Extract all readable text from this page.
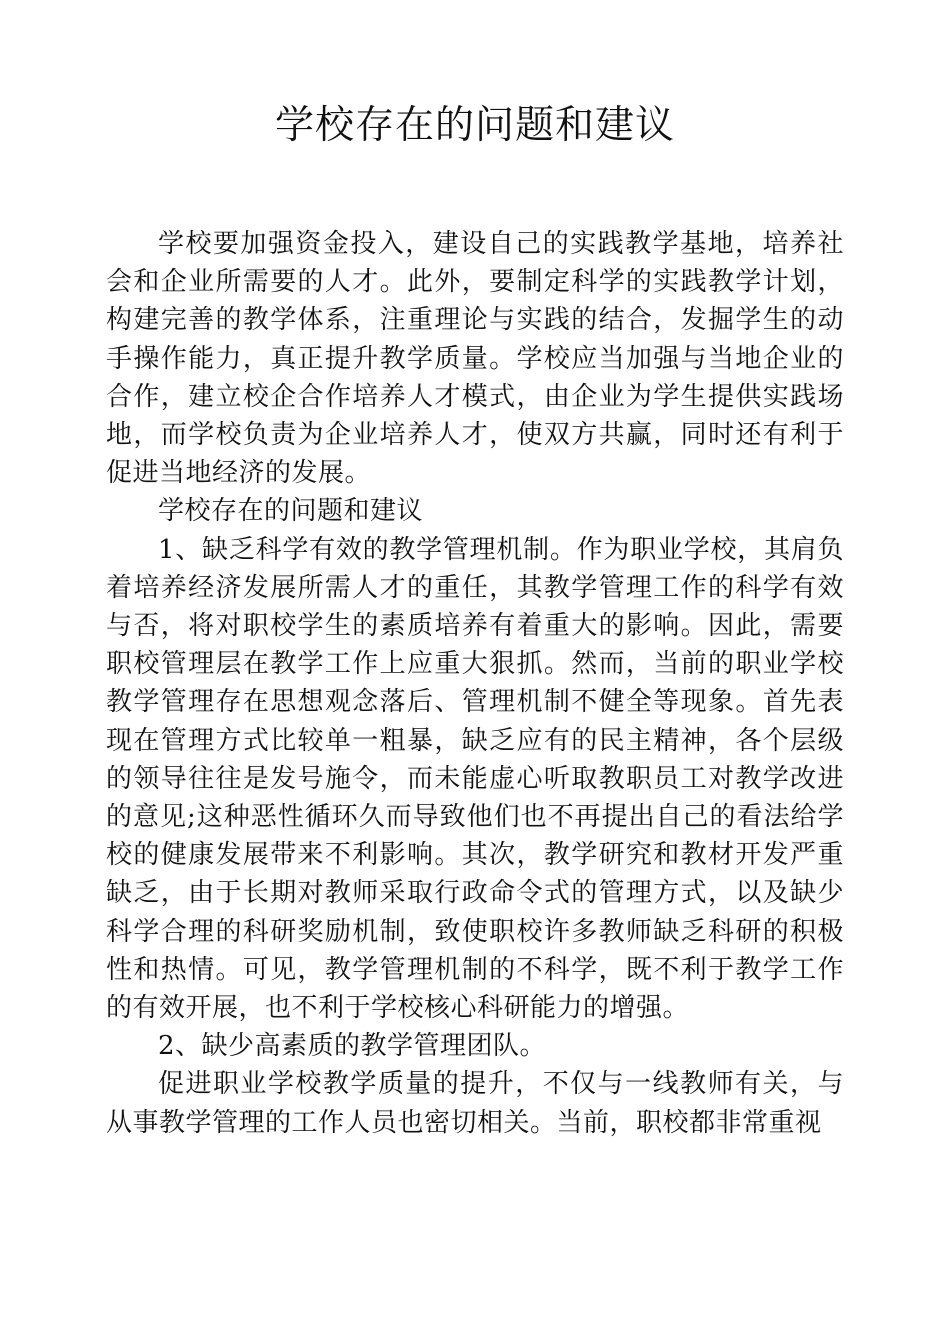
学校存在的问题和建议

学校要加强资金投入，建设自己的实践教学基地，培养社会和企业所需要的人才。此外，要制定科学的实践教学计划，构建完善的教学体系，注重理论与实践的结合，发掘学生的动手操作能力，真正提升教学质量。学校应当加强与当地企业的合作，建立校企合作培养人才模式，由企业为学生提供实践场地，而学校负责为企业培养人才，使双方共赢，同时还有利于促进当地经济的发展。

学校存在的问题和建议

1、缺乏科学有效的教学管理机制。作为职业学校，其肩负着培养经济发展所需人才的重任，其教学管理工作的科学有效与否，将对职校学生的素质培养有着重大的影响。因此，需要职校管理层在教学工作上应重大狠抓。然而，当前的职业学校教学管理存在思想观念落后、管理机制不健全等现象。首先表现在管理方式比较单一粗暴，缺乏应有的民主精神，各个层级的领导往往是发号施令，而未能虚心听取教职员工对教学改进的意见;这种恶性循环久而导致他们也不再提出自己的看法给学校的健康发展带来不利影响。其次，教学研究和教材开发严重缺乏，由于长期对教师采取行政命令式的管理方式，以及缺少科学合理的科研奖励机制，致使职校许多教师缺乏科研的积极性和热情。可见，教学管理机制的不科学，既不利于教学工作的有效开展，也不利于学校核心科研能力的增强。

2、缺少高素质的教学管理团队。

促进职业学校教学质量的提升，不仅与一线教师有关，与从事教学管理的工作人员也密切相关。当前，职校都非常重视
